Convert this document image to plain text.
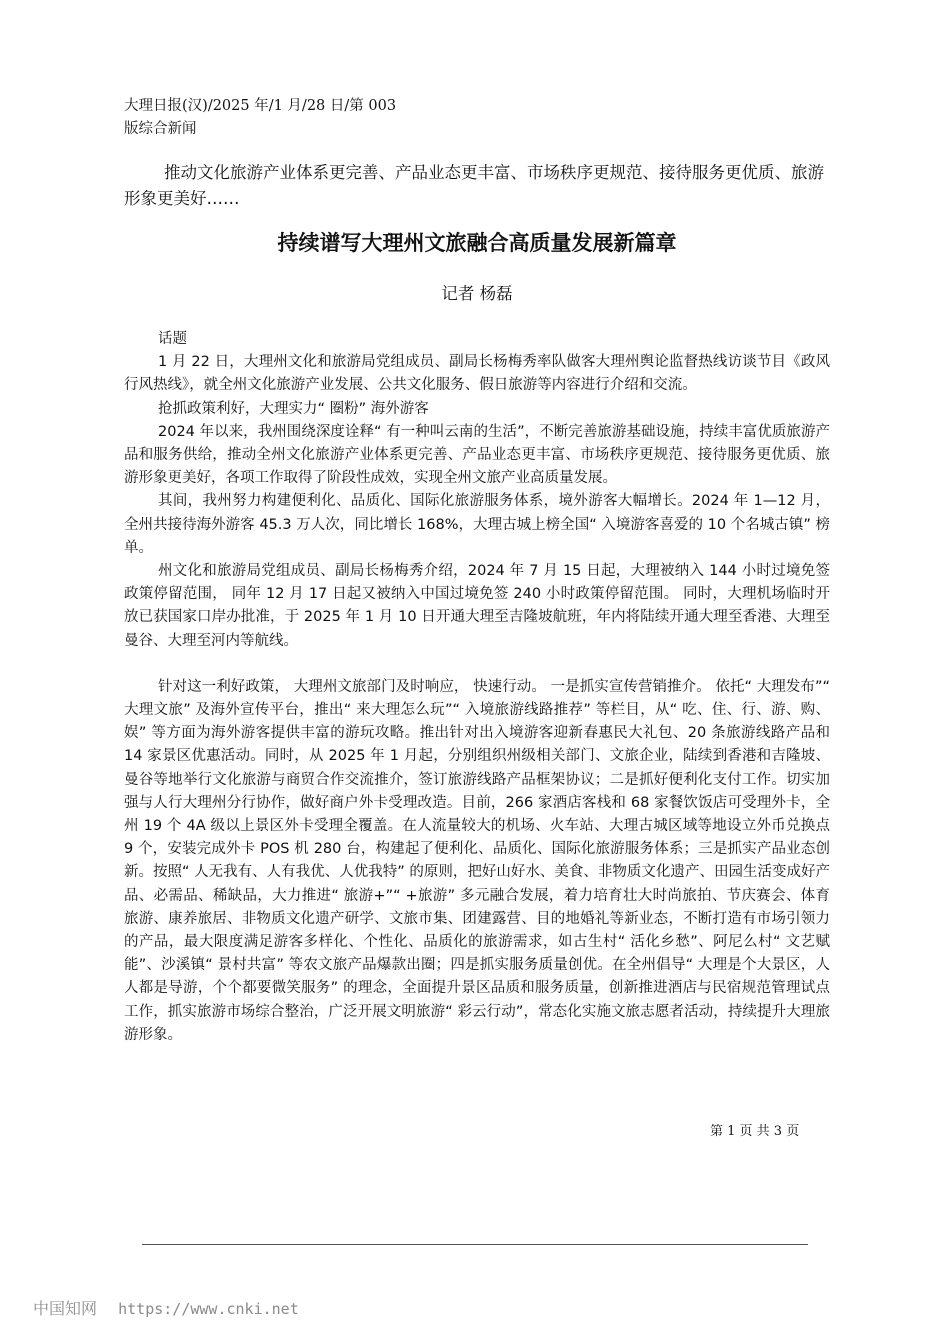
大理日报(汉)/2025 年/1 月/28 日/第 003
版综合新闻
推动文化旅游产业体系更完善、产品业态更丰富、市场秩序更规范、接待服务更优质、旅游形象更美好……
持续谱写大理州文旅融合高质量发展新篇章
记者 杨磊

话题

1 月 22 日，大理州文化和旅游局党组成员、副局长杨梅秀率队做客大理州舆论监督热线访谈节目《政风行风热线》，就全州文化旅游产业发展、公共文化服务、假日旅游等内容进行介绍和交流。

抢抓政策利好，大理实力“ 圈粉” 海外游客

2024 年以来，我州围绕深度诠释“ 有一种叫云南的生活”，不断完善旅游基础设施，持续丰富优质旅游产品和服务供给，推动全州文化旅游产业体系更完善、产品业态更丰富、市场秩序更规范、接待服务更优质、旅游形象更美好，各项工作取得了阶段性成效，实现全州文旅产业高质量发展。

其间，我州努力构建便利化、品质化、国际化旅游服务体系，境外游客大幅增长。2024 年 1—12 月，全州共接待海外游客 45.3 万人次，同比增长 168%，大理古城上榜全国“ 入境游客喜爱的 10 个名城古镇” 榜单。

州文化和旅游局党组成员、副局长杨梅秀介绍，2024 年 7 月 15 日起，大理被纳入 144 小时过境免签政策停留范围， 同年 12 月 17 日起又被纳入中国过境免签 240 小时政策停留范围。 同时，大理机场临时开放已获国家口岸办批准，于 2025 年 1 月 10 日开通大理至吉隆坡航班，年内将陆续开通大理至香港、大理至曼谷、大理至河内等航线。

针对这一利好政策， 大理州文旅部门及时响应， 快速行动。 一是抓实宣传营销推介。 依托“ 大理发布”“ 大理文旅” 及海外宣传平台，推出“ 来大理怎么玩”“ 入境旅游线路推荐” 等栏目，从“ 吃、住、行、游、购、娱” 等方面为海外游客提供丰富的游玩攻略。推出针对出入境游客迎新春惠民大礼包、20 条旅游线路产品和 14 家景区优惠活动。同时，从 2025 年 1 月起，分别组织州级相关部门、文旅企业，陆续到香港和吉隆坡、曼谷等地举行文化旅游与商贸合作交流推介，签订旅游线路产品框架协议；二是抓好便利化支付工作。切实加强与人行大理州分行协作，做好商户外卡受理改造。目前，266 家酒店客栈和 68 家餐饮饭店可受理外卡，全州 19 个 4A 级以上景区外卡受理全覆盖。在人流量较大的机场、火车站、大理古城区域等地设立外币兑换点 9 个，安装完成外卡 POS 机 280 台，构建起了便利化、品质化、国际化旅游服务体系；三是抓实产品业态创新。按照“ 人无我有、人有我优、人优我特” 的原则，把好山好水、美食、非物质文化遗产、田园生活变成好产品、必需品、稀缺品，大力推进“ 旅游+”“ +旅游” 多元融合发展，着力培育壮大时尚旅拍、节庆赛会、体育旅游、康养旅居、非物质文化遗产研学、文旅市集、团建露营、目的地婚礼等新业态，不断打造有市场引领力的产品，最大限度满足游客多样化、个性化、品质化的旅游需求，如古生村“ 活化乡愁”、阿尼么村“ 文艺赋能”、沙溪镇“ 景村共富” 等农文旅产品爆款出圈；四是抓实服务质量创优。在全州倡导“ 大理是个大景区，人人都是导游，个个都要微笑服务” 的理念，全面提升景区品质和服务质量，创新推进酒店与民宿规范管理试点工作，抓实旅游市场综合整治，广泛开展文明旅游“ 彩云行动”，常态化实施文旅志愿者活动，持续提升大理旅游形象。

第 1 页 共 3 页
中国知网 https://www.cnki.net
